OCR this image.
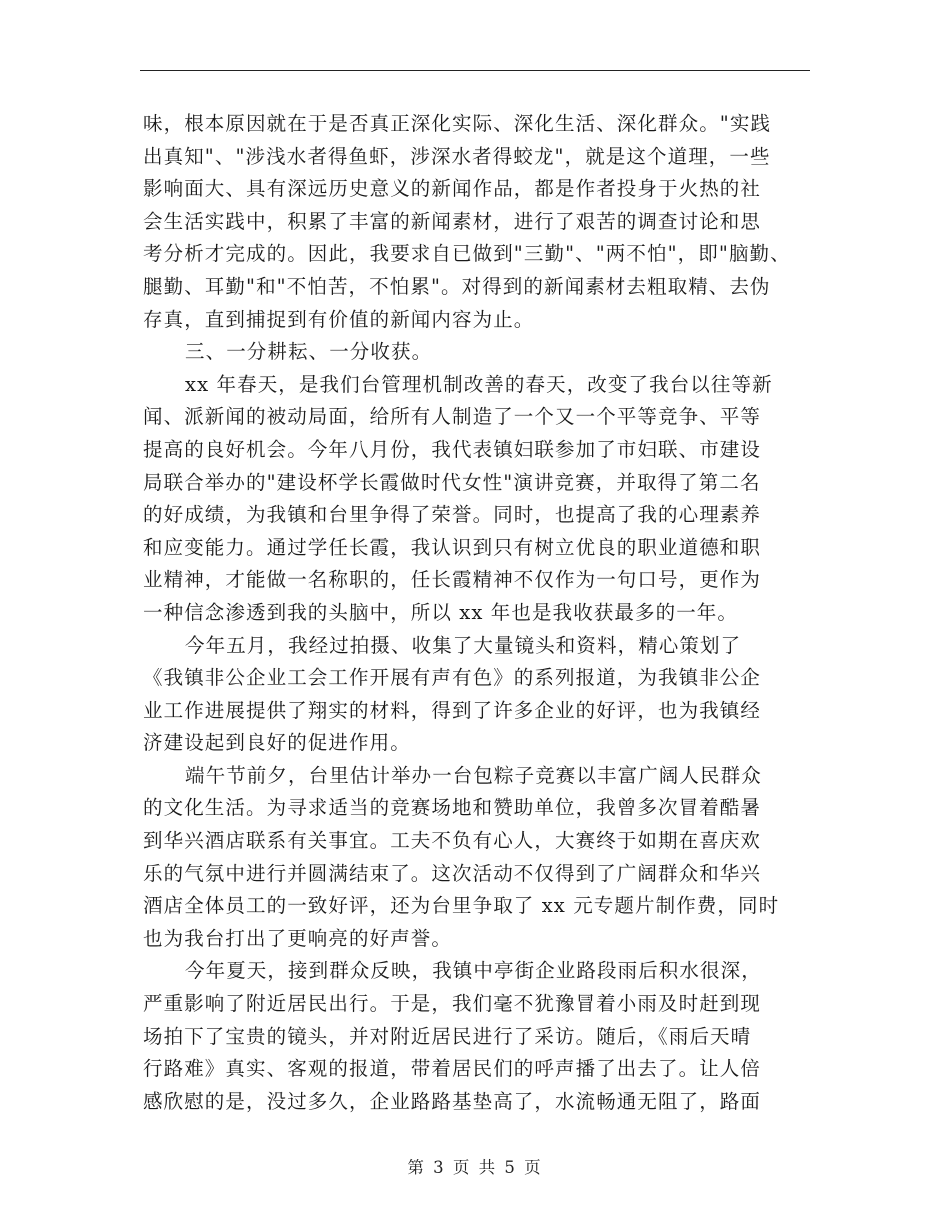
味，根本原因就在于是否真正深化实际、深化生活、深化群众。"实践
出真知"、"涉浅水者得鱼虾，涉深水者得蛟龙"，就是这个道理，一些
影响面大、具有深远历史意义的新闻作品，都是作者投身于火热的社
会生活实践中，积累了丰富的新闻素材，进行了艰苦的调查讨论和思
考分析才完成的。因此，我要求自已做到"三勤"、"两不怕"，即"脑勤、
腿勤、耳勤"和"不怕苦，不怕累"。对得到的新闻素材去粗取精、去伪
存真，直到捕捉到有价值的新闻内容为止。
三、一分耕耘、一分收获。
xx 年春天，是我们台管理机制改善的春天，改变了我台以往等新
闻、派新闻的被动局面，给所有人制造了一个又一个平等竞争、平等
提高的良好机会。今年八月份，我代表镇妇联参加了市妇联、市建设
局联合举办的"建设杯学长霞做时代女性"演讲竞赛，并取得了第二名
的好成绩，为我镇和台里争得了荣誉。同时，也提高了我的心理素养
和应变能力。通过学任长霞，我认识到只有树立优良的职业道德和职
业精神，才能做一名称职的，任长霞精神不仅作为一句口号，更作为
一种信念渗透到我的头脑中，所以 xx 年也是我收获最多的一年。
今年五月，我经过拍摄、收集了大量镜头和资料，精心策划了
《我镇非公企业工会工作开展有声有色》的系列报道，为我镇非公企
业工作进展提供了翔实的材料，得到了许多企业的好评，也为我镇经
济建设起到良好的促进作用。
端午节前夕，台里估计举办一台包粽子竞赛以丰富广阔人民群众
的文化生活。为寻求适当的竞赛场地和赞助单位，我曾多次冒着酷暑
到华兴酒店联系有关事宜。工夫不负有心人，大赛终于如期在喜庆欢
乐的气氛中进行并圆满结束了。这次活动不仅得到了广阔群众和华兴
酒店全体员工的一致好评，还为台里争取了 xx 元专题片制作费，同时
也为我台打出了更响亮的好声誉。
今年夏天，接到群众反映，我镇中亭街企业路段雨后积水很深，
严重影响了附近居民出行。于是，我们毫不犹豫冒着小雨及时赶到现
场拍下了宝贵的镜头，并对附近居民进行了采访。随后，《雨后天晴
行路难》真实、客观的报道，带着居民们的呼声播了出去了。让人倍
感欣慰的是，没过多久，企业路路基垫高了，水流畅通无阻了，路面
第 3 页 共 5 页
